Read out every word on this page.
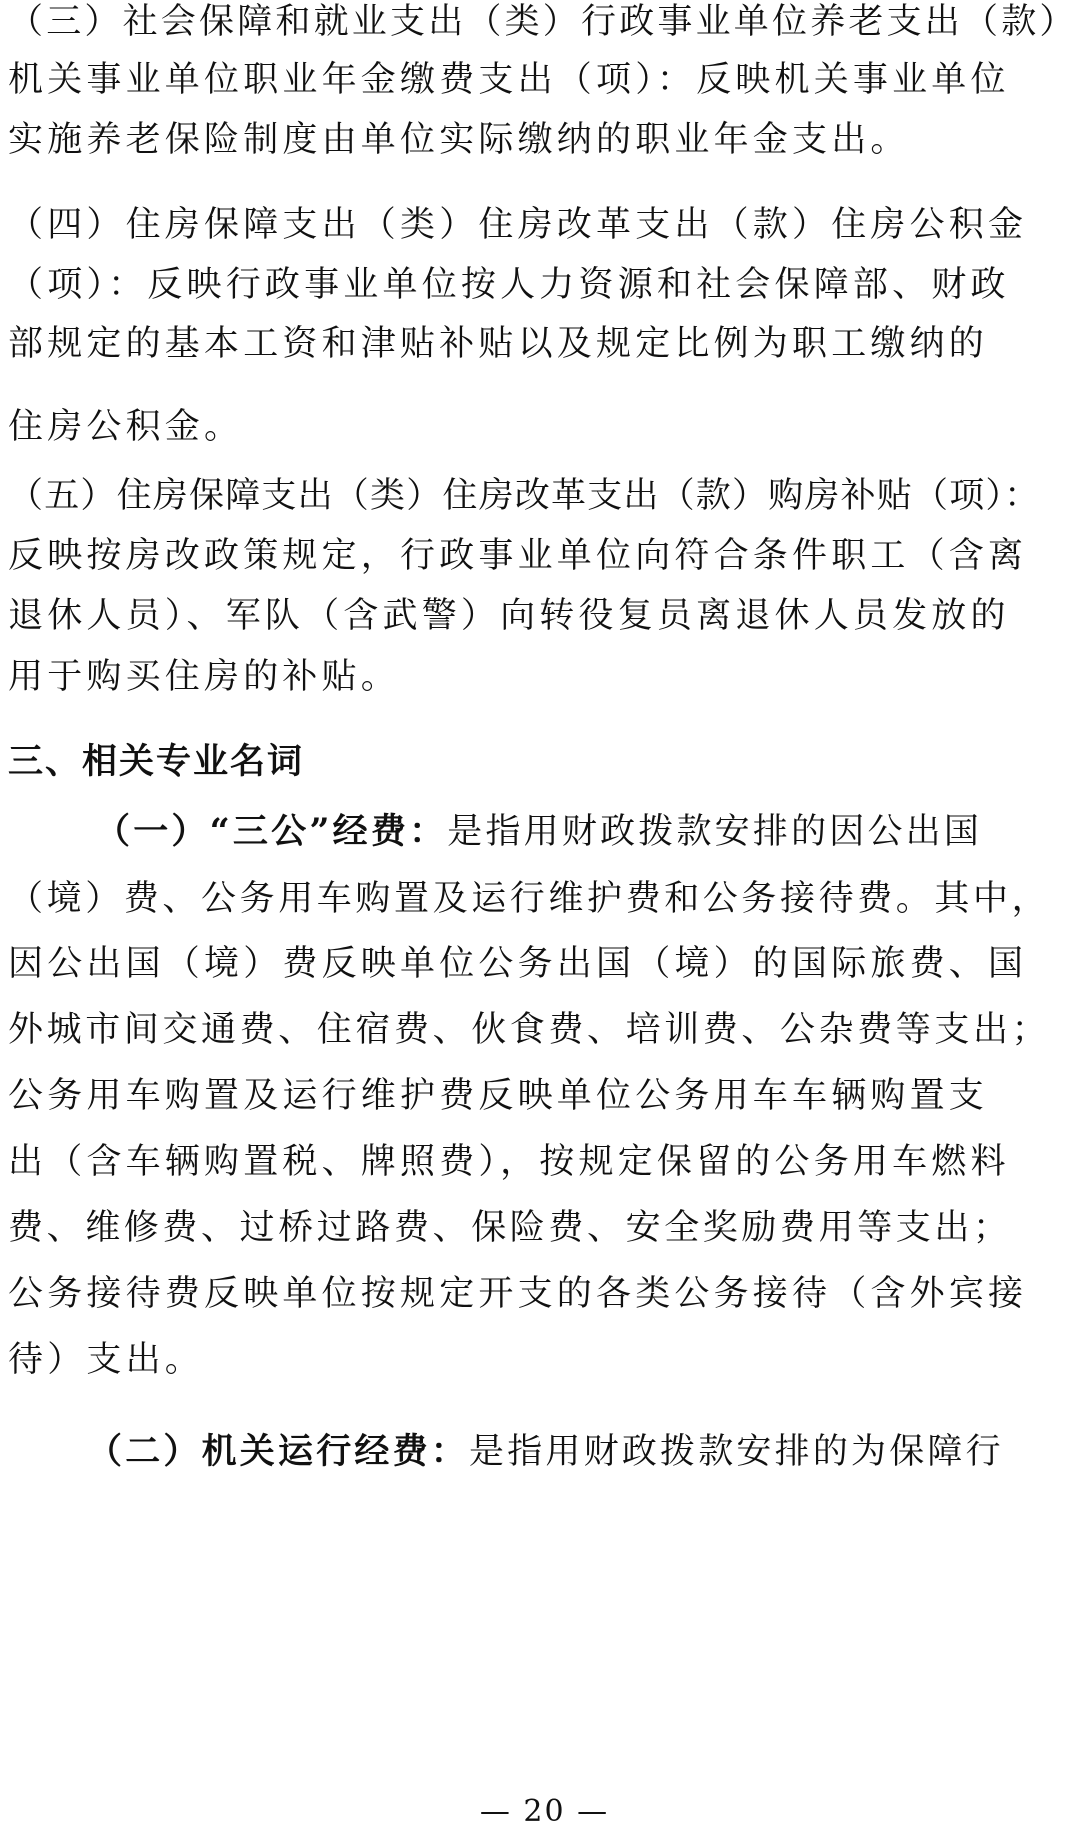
（三）社会保障和就业支出（类）行政事业单位养老支出（款）
机关事业单位职业年金缴费支出（项）：反映机关事业单位
实施养老保险制度由单位实际缴纳的职业年金支出。
（四）住房保障支出（类）住房改革支出（款）住房公积金
（项）：反映行政事业单位按人力资源和社会保障部、财政
部规定的基本工资和津贴补贴以及规定比例为职工缴纳的
住房公积金。
（五）住房保障支出（类）住房改革支出（款）购房补贴（项）：
反映按房改政策规定，行政事业单位向符合条件职工（含离
退休人员）、军队（含武警）向转役复员离退休人员发放的
用于购买住房的补贴。
三、相关专业名词
（一）“三公”经费：是指用财政拨款安排的因公出国
（境）费、公务用车购置及运行维护费和公务接待费。其中，
因公出国（境）费反映单位公务出国（境）的国际旅费、国
外城市间交通费、住宿费、伙食费、培训费、公杂费等支出；
公务用车购置及运行维护费反映单位公务用车车辆购置支
出（含车辆购置税、牌照费），按规定保留的公务用车燃料
费、维修费、过桥过路费、保险费、安全奖励费用等支出；
公务接待费反映单位按规定开支的各类公务接待（含外宾接
待）支出。
（二）机关运行经费：是指用财政拨款安排的为保障行
— 20 —
